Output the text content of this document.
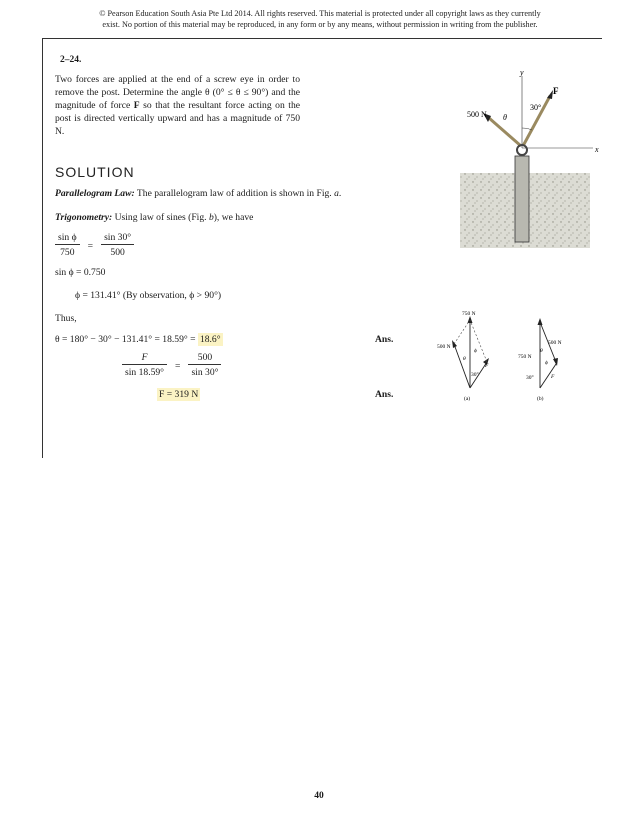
© Pearson Education South Asia Pte Ltd 2014. All rights reserved. This material is protected under all copyright laws as they currently
exist. No portion of this material may be reproduced, in any form or by any means, without permission in writing from the publisher.
2–24.
Two forces are applied at the end of a screw eye in order to remove the post. Determine the angle θ (0° ≤ θ ≤ 90°) and the magnitude of force F so that the resultant force acting on the post is directed vertically upward and has a magnitude of 750 N.
x
y
F
500 N θ
30°
SOLUTION
Parallelogram Law: The parallelogram law of addition is shown in Fig. a.
Trigonometry: Using law of sines (Fig. b), we have
$\frac{\text{sin ϕ}}{750} = \frac{\sin 30^\circ}{500}$
sin ϕ = 0.750
ϕ = 131.41° (By observation, ϕ > 90°)
Thus,
θ = 180° − 30° − 131.41° = 18.59° = 18.6°	Ans.
$\frac{F}{\sin 18.59^\circ} = \frac{500}{\sin 30^\circ}$
F = 319 N	Ans.
750 N
500 N
θ
ϕ
F
30°
(a)
500 N
750 N
θ
ϕ
F
30°
(b)
40
